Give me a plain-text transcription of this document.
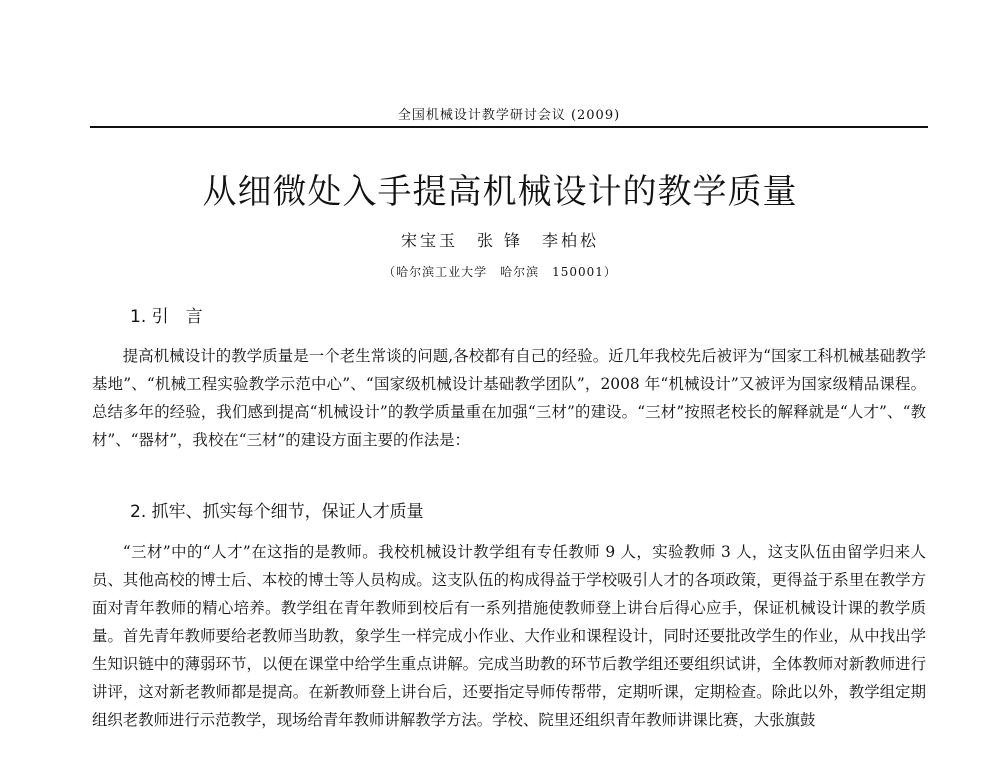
全国机械设计教学研讨会议 (2009)
从细微处入手提高机械设计的教学质量
宋宝玉　张 锋　李柏松
（哈尔滨工业大学　哈尔滨　150001）
1. 引　言

提高机械设计的教学质量是一个老生常谈的问题,各校都有自己的经验。近几年我校先后被评为“国家工科机械基础教学基地”、“机械工程实验教学示范中心”、“国家级机械设计基础教学团队”，2008 年“机械设计”又被评为国家级精品课程。总结多年的经验，我们感到提高“机械设计”的教学质量重在加强“三材”的建设。“三材”按照老校长的解释就是“人才”、“教材”、“器材”，我校在“三材”的建设方面主要的作法是：

2. 抓牢、抓实每个细节，保证人才质量

“三材”中的“人才”在这指的是教师。我校机械设计教学组有专任教师 9 人，实验教师 3 人，这支队伍由留学归来人员、其他高校的博士后、本校的博士等人员构成。这支队伍的构成得益于学校吸引人才的各项政策，更得益于系里在教学方面对青年教师的精心培养。教学组在青年教师到校后有一系列措施使教师登上讲台后得心应手，保证机械设计课的教学质量。首先青年教师要给老教师当助教，象学生一样完成小作业、大作业和课程设计，同时还要批改学生的作业，从中找出学生知识链中的薄弱环节，以便在课堂中给学生重点讲解。完成当助教的环节后教学组还要组织试讲，全体教师对新教师进行讲评，这对新老教师都是提高。在新教师登上讲台后，还要指定导师传帮带，定期听课，定期检查。除此以外，教学组定期组织老教师进行示范教学，现场给青年教师讲解教学方法。学校、院里还组织青年教师讲课比赛，大张旗鼓
